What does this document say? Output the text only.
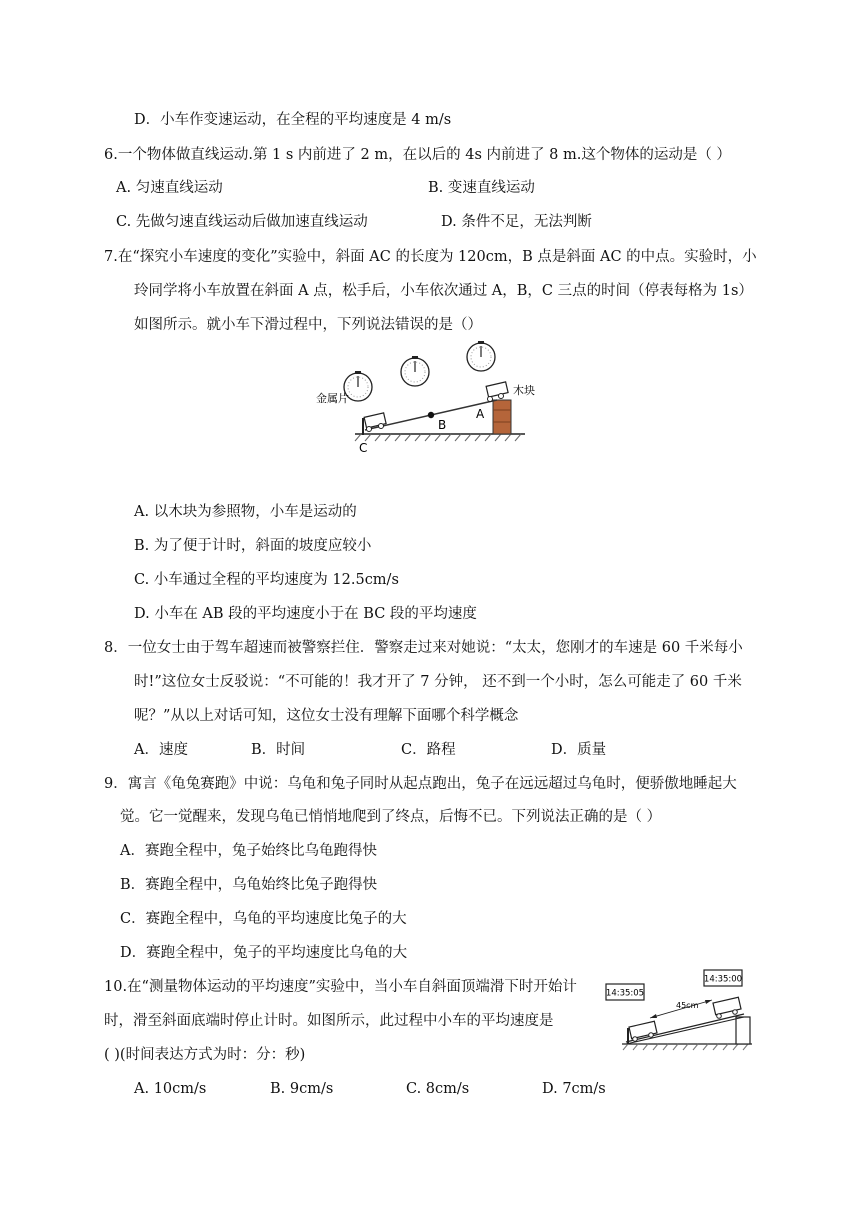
D．小车作变速运动，在全程的平均速度是 4 m/s
6.一个物体做直线运动.第 1 s 内前进了 2 m，在以后的 4s 内前进了 8 m.这个物体的运动是（ ）
A. 匀速直线运动	B. 变速直线运动
C. 先做匀速直线运动后做加速直线运动	D. 条件不足，无法判断
7.在“探究小车速度的变化”实验中，斜面 AC 的长度为 120cm，B 点是斜面 AC 的中点。实验时，小
玲同学将小车放置在斜面 A 点，松手后，小车依次通过 A，B，C 三点的时间（停表每格为 1s）
如图所示。就小车下滑过程中，下列说法错误的是（）
金属片
木块
A
B
C
A. 以木块为参照物，小车是运动的
B. 为了便于计时，斜面的坡度应较小
C. 小车通过全程的平均速度为 12.5cm/s
D. 小车在 AB 段的平均速度小于在 BC 段的平均速度
8．一位女士由于驾车超速而被警察拦住．警察走过来对她说：“太太，您刚才的车速是 60 千米每小
时!”这位女士反驳说：“不可能的！我才开了 7 分钟， 还不到一个小时，怎么可能走了 60 千米
呢？”从以上对话可知，这位女士没有理解下面哪个科学概念
A．速度	B．时间	C．路程	D．质量
9．寓言《龟兔赛跑》中说：乌龟和兔子同时从起点跑出，兔子在远远超过乌龟时，便骄傲地睡起大
觉。它一觉醒来，发现乌龟已悄悄地爬到了终点，后悔不已。下列说法正确的是（ ）
A．赛跑全程中，兔子始终比乌龟跑得快
B．赛跑全程中，乌龟始终比兔子跑得快
C．赛跑全程中，乌龟的平均速度比兔子的大
D．赛跑全程中，兔子的平均速度比乌龟的大
10.在“测量物体运动的平均速度”实验中，当小车自斜面顶端滑下时开始计
时，滑至斜面底端时停止计时。如图所示，此过程中小车的平均速度是
( )(时间表达方式为时：分：秒)
14:35:05
14:35:00
45cm
A. 10cm/s	B. 9cm/s	C. 8cm/s	D. 7cm/s
